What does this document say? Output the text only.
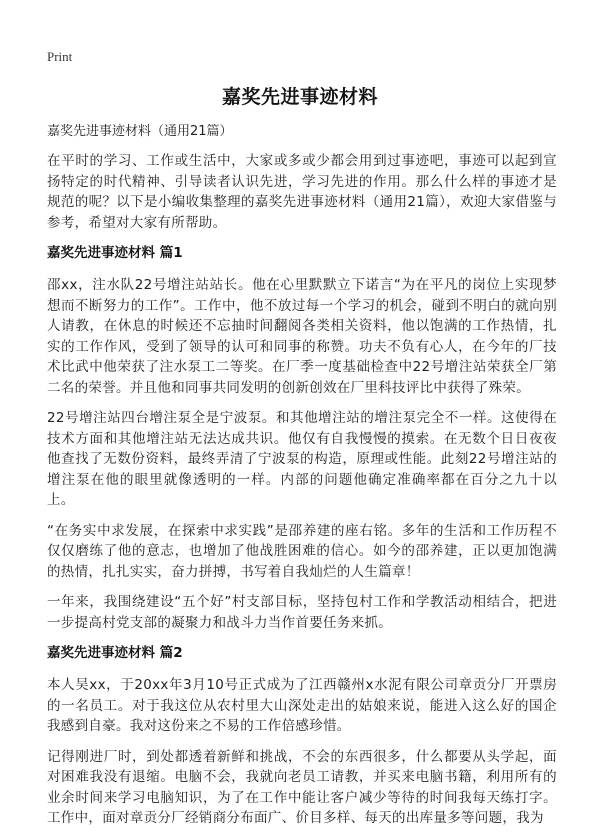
Print
嘉奖先进事迹材料
嘉奖先进事迹材料（通用21篇）

在平时的学习、工作或生活中，大家或多或少都会用到过事迹吧，事迹可以起到宣扬特定的时代精神、引导读者认识先进，学习先进的作用。那么什么样的事迹才是规范的呢？以下是小编收集整理的嘉奖先进事迹材料（通用21篇），欢迎大家借鉴与参考，希望对大家有所帮助。

嘉奖先进事迹材料 篇1

邵xx，注水队22号增注站站长。他在心里默默立下诺言“为在平凡的岗位上实现梦想而不断努力的工作”。工作中，他不放过每一个学习的机会，碰到不明白的就向别人请教，在休息的时候还不忘抽时间翻阅各类相关资料，他以饱满的工作热情，扎实的工作作风，受到了领导的认可和同事的称赞。功夫不负有心人，在今年的厂技术比武中他荣获了注水泵工二等奖。在厂季一度基础检查中22号增注站荣获全厂第二名的荣誉。并且他和同事共同发明的创新创效在厂里科技评比中获得了殊荣。

22号增注站四台增注泵全是宁波泵。和其他增注站的增注泵完全不一样。这使得在技术方面和其他增注站无法达成共识。他仅有自我慢慢的摸索。在无数个日日夜夜他查找了无数份资料，最终弄清了宁波泵的构造，原理或性能。此刻22号增注站的增注泵在他的眼里就像透明的一样。内部的问题他确定准确率都在百分之九十以上。

“在务实中求发展，在探索中求实践”是邵养建的座右铭。多年的生活和工作历程不仅仅磨练了他的意志，也增加了他战胜困难的信心。如今的邵养建，正以更加饱满的热情，扎扎实实，奋力拼搏，书写着自我灿烂的人生篇章！

一年来，我围绕建设“五个好”村支部目标，坚持包村工作和学教活动相结合，把进一步提高村党支部的凝聚力和战斗力当作首要任务来抓。

嘉奖先进事迹材料 篇2

本人吴xx，于20xx年3月10号正式成为了江西赣州x水泥有限公司章贡分厂开票房的一名员工。对于我这位从农村里大山深处走出的姑娘来说，能进入这么好的国企我感到自豪。我对这份来之不易的工作倍感珍惜。

记得刚进厂时，到处都透着新鲜和挑战，不会的东西很多，什么都要从头学起，面对困难我没有退缩。电脑不会，我就向老员工请教，并买来电脑书籍，利用所有的业余时间来学习电脑知识，为了在工作中能让客户减少等待的时间我每天练打字。工作中，面对章贡分厂经销商分布面广、价目多样、每天的出库量多等问题，我为
